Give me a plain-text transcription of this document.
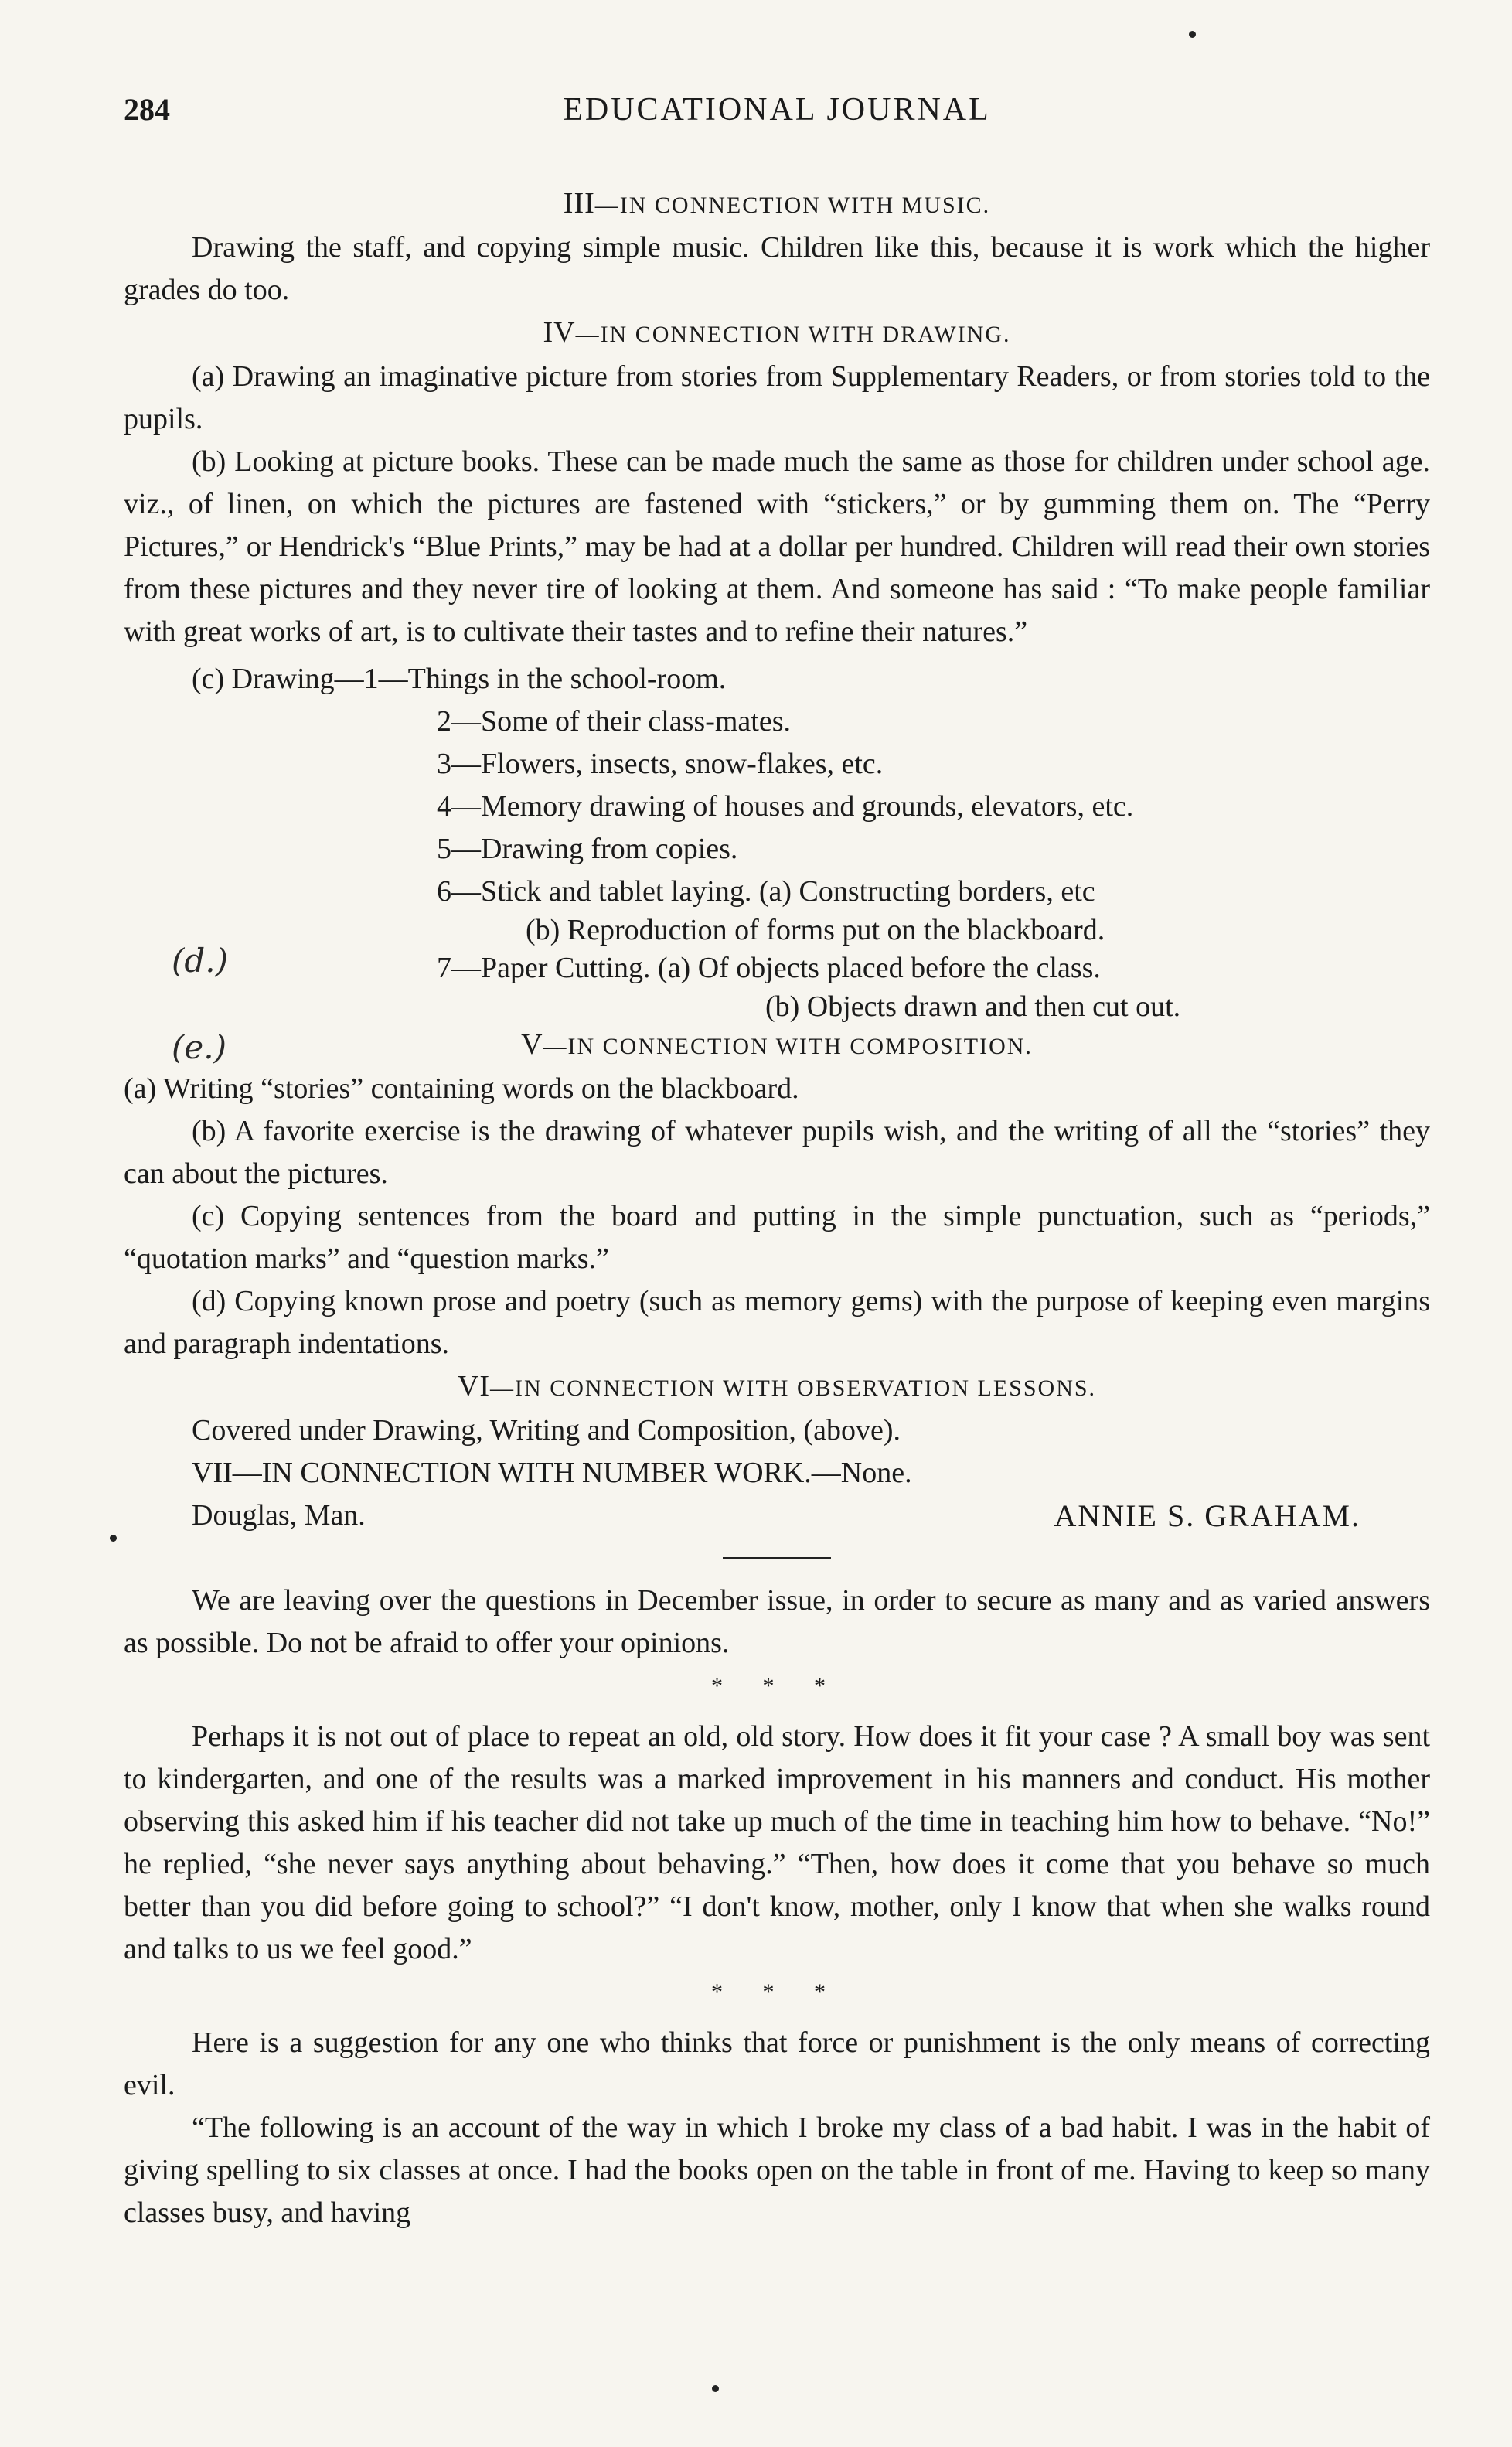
284	EDUCATIONAL JOURNAL
(d.)
(e.)
III—IN CONNECTION WITH MUSIC.

Drawing the staff, and copying simple music. Children like this, because it is work which the higher grades do too.

IV—IN CONNECTION WITH DRAWING.

(a) Drawing an imaginative picture from stories from Supplementary Readers, or from stories told to the pupils.

(b) Looking at picture books. These can be made much the same as those for children under school age. viz., of linen, on which the pictures are fastened with “stickers,” or by gumming them on. The “Perry Pictures,” or Hendrick's “Blue Prints,” may be had at a dollar per hundred. Children will read their own stories from these pictures and they never tire of looking at them. And someone has said : “To make people familiar with great works of art, is to cultivate their tastes and to refine their natures.”

(c) Drawing—1—Things in the school-room.

2—Some of their class-mates.

3—Flowers, insects, snow-flakes, etc.

4—Memory drawing of houses and grounds, elevators, etc.

5—Drawing from copies.

6—Stick and tablet laying. (a) Constructing borders, etc

(b) Reproduction of forms put on the blackboard.

7—Paper Cutting. (a) Of objects placed before the class.

(b) Objects drawn and then cut out.

V—IN CONNECTION WITH COMPOSITION.

(a) Writing “stories” containing words on the blackboard.

(b) A favorite exercise is the drawing of whatever pupils wish, and the writing of all the “stories” they can about the pictures.

(c) Copying sentences from the board and putting in the simple punctuation, such as “periods,” “quotation marks” and “question marks.”

(d) Copying known prose and poetry (such as memory gems) with the purpose of keeping even margins and paragraph indentations.

VI—IN CONNECTION WITH OBSERVATION LESSONS.

Covered under Drawing, Writing and Composition, (above).

VII—IN CONNECTION WITH NUMBER WORK.—None.

Douglas, Man.	ANNIE S. GRAHAM.

We are leaving over the questions in December issue, in order to secure as many and as varied answers as possible. Do not be afraid to offer your opinions.

* * *

Perhaps it is not out of place to repeat an old, old story. How does it fit your case ? A small boy was sent to kindergarten, and one of the results was a marked improvement in his manners and conduct. His mother observing this asked him if his teacher did not take up much of the time in teaching him how to behave. “No!” he replied, “she never says anything about behaving.” “Then, how does it come that you behave so much better than you did before going to school?” “I don't know, mother, only I know that when she walks round and talks to us we feel good.”

* * *

Here is a suggestion for any one who thinks that force or punishment is the only means of correcting evil.

“The following is an account of the way in which I broke my class of a bad habit. I was in the habit of giving spelling to six classes at once. I had the books open on the table in front of me. Having to keep so many classes busy, and having
